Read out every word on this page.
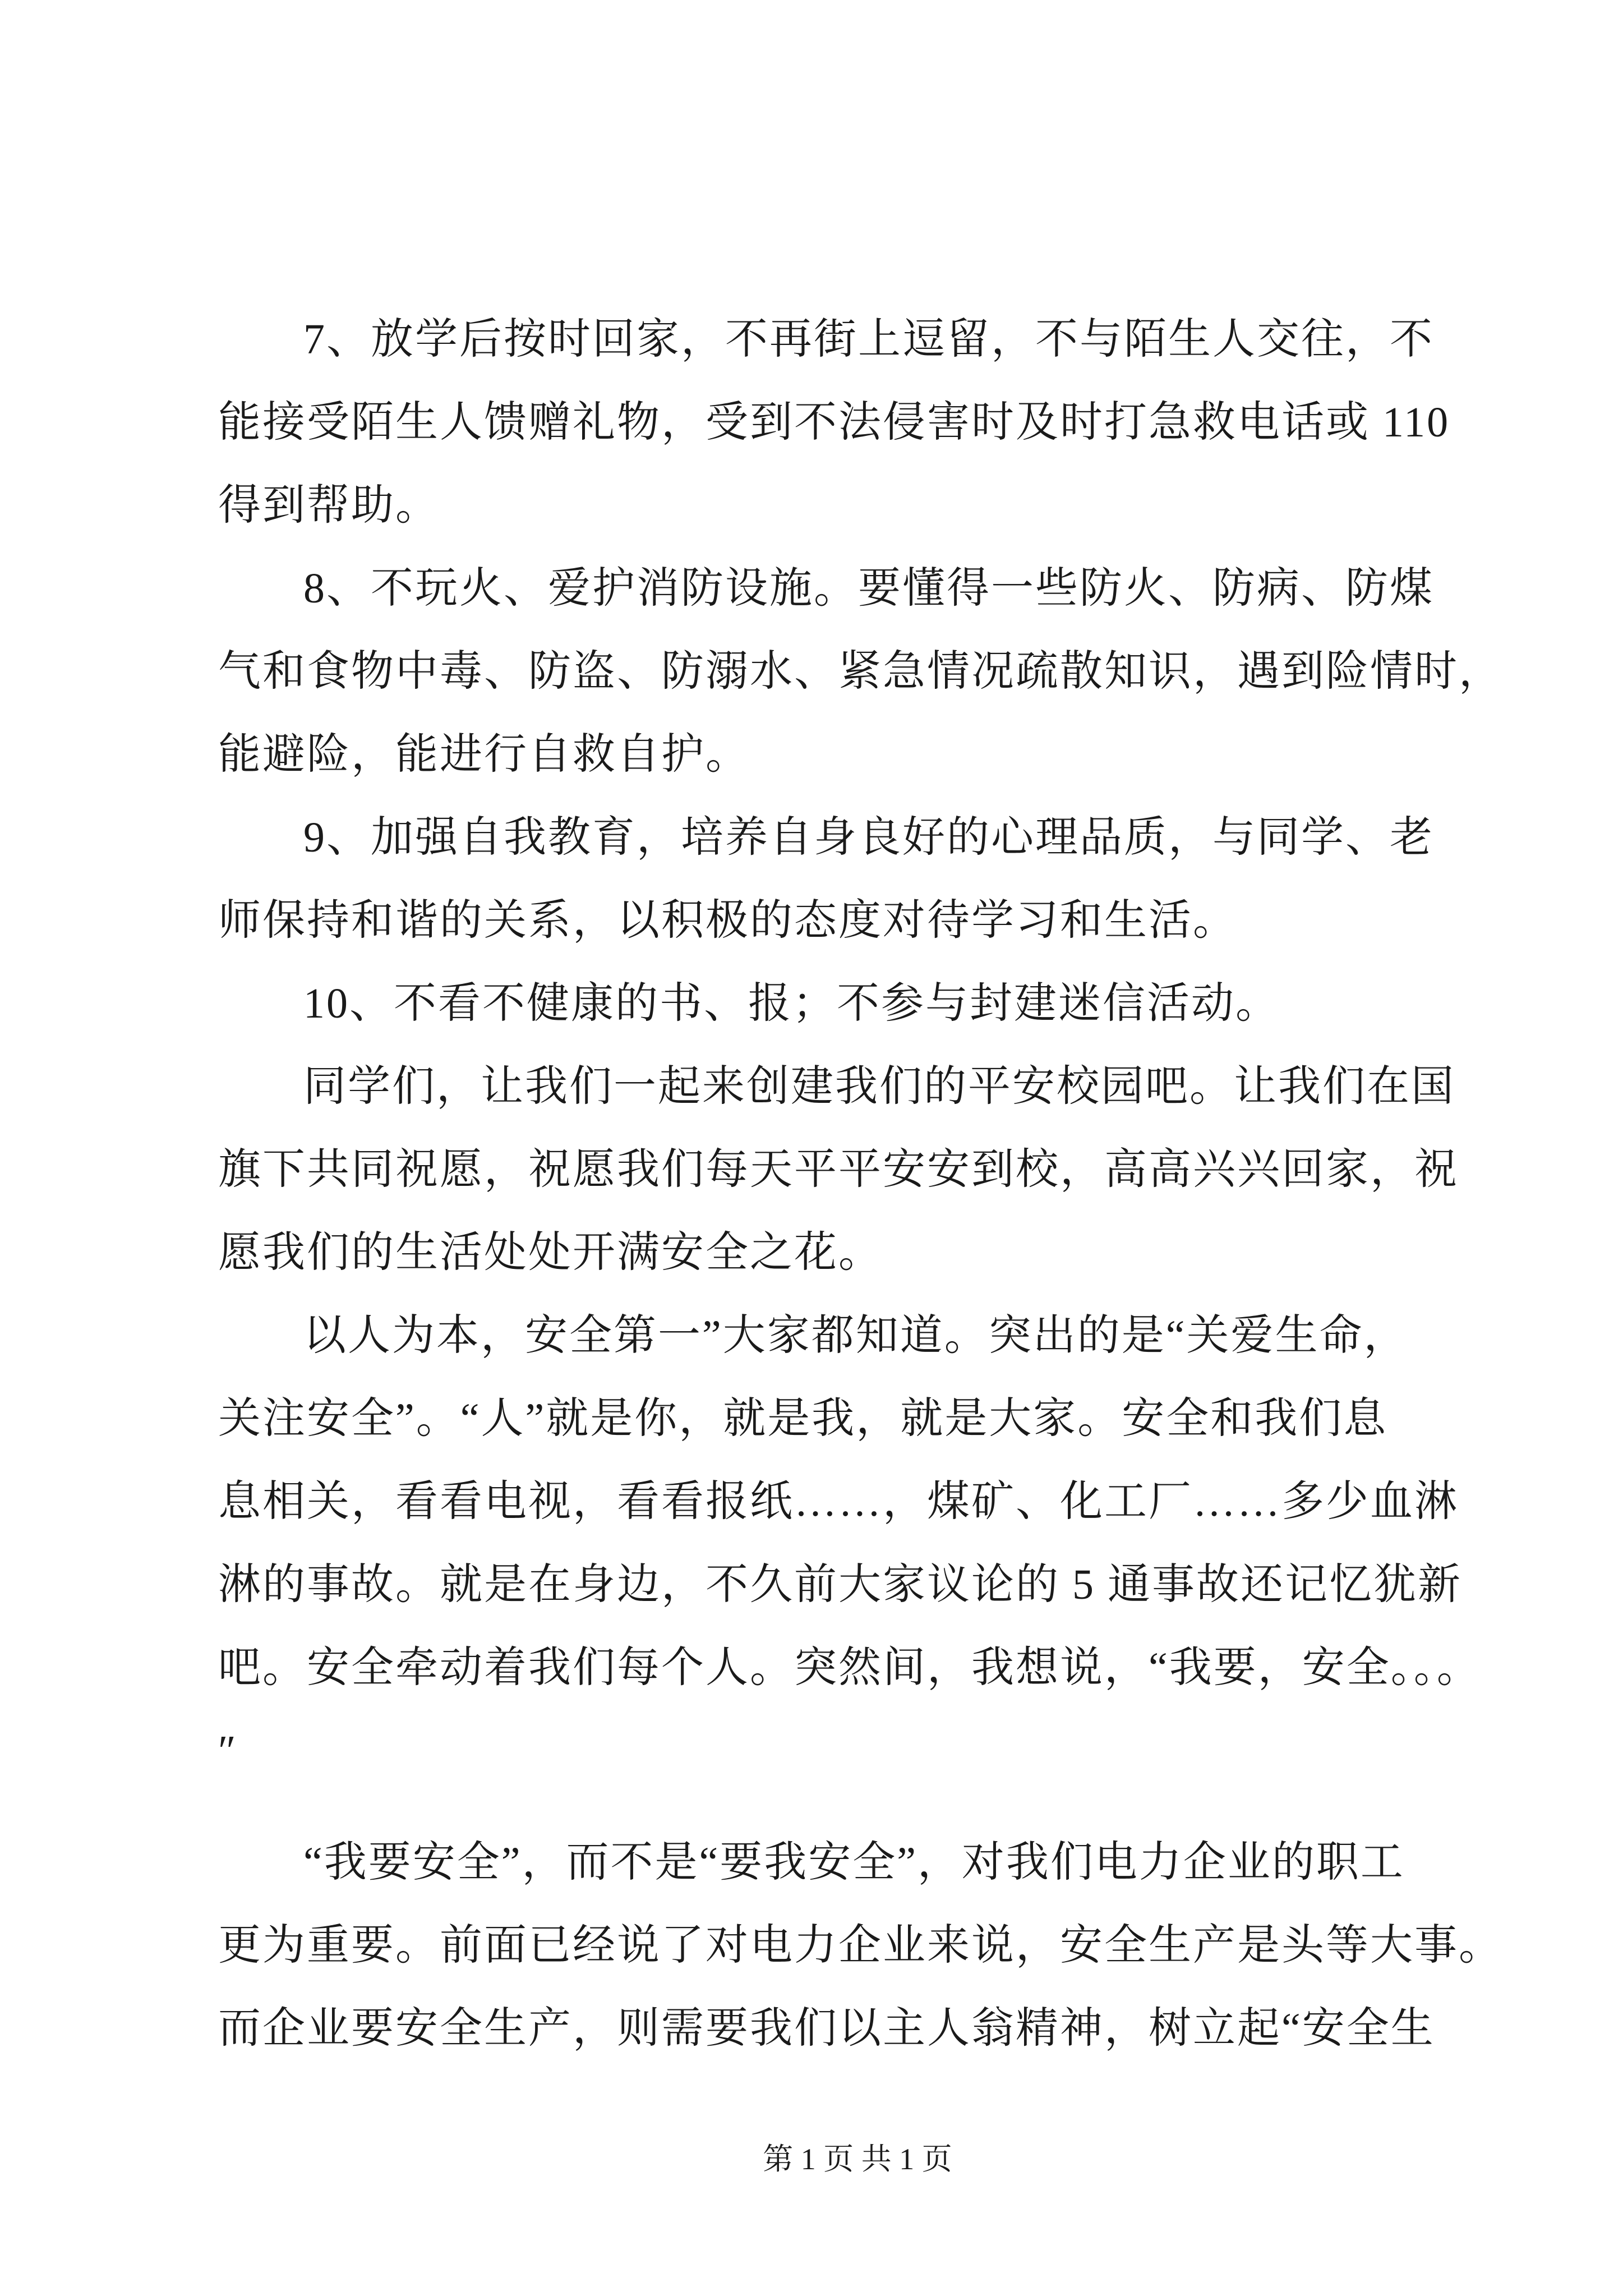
7、放学后按时回家，不再街上逗留，不与陌生人交往，不
能接受陌生人馈赠礼物，受到不法侵害时及时打急救电话或 110
得到帮助。
8、不玩火、爱护消防设施。要懂得一些防火、防病、防煤
气和食物中毒、防盗、防溺水、紧急情况疏散知识，遇到险情时，
能避险，能进行自救自护。
9、加强自我教育，培养自身良好的心理品质，与同学、老
师保持和谐的关系，以积极的态度对待学习和生活。
10、不看不健康的书、报；不参与封建迷信活动。
同学们，让我们一起来创建我们的平安校园吧。让我们在国
旗下共同祝愿，祝愿我们每天平平安安到校，高高兴兴回家，祝
愿我们的生活处处开满安全之花。
以人为本，安全第一”大家都知道。突出的是“关爱生命，
关注安全”。“人”就是你，就是我，就是大家。安全和我们息
息相关，看看电视，看看报纸……，煤矿、化工厂……多少血淋
淋的事故。就是在身边，不久前大家议论的 5 通事故还记忆犹新
吧。安全牵动着我们每个人。突然间，我想说，“我要，安全。。。
″
“我要安全”，而不是“要我安全”，对我们电力企业的职工
更为重要。前面已经说了对电力企业来说，安全生产是头等大事。
而企业要安全生产，则需要我们以主人翁精神，树立起“安全生
第 1 页 共 1 页
